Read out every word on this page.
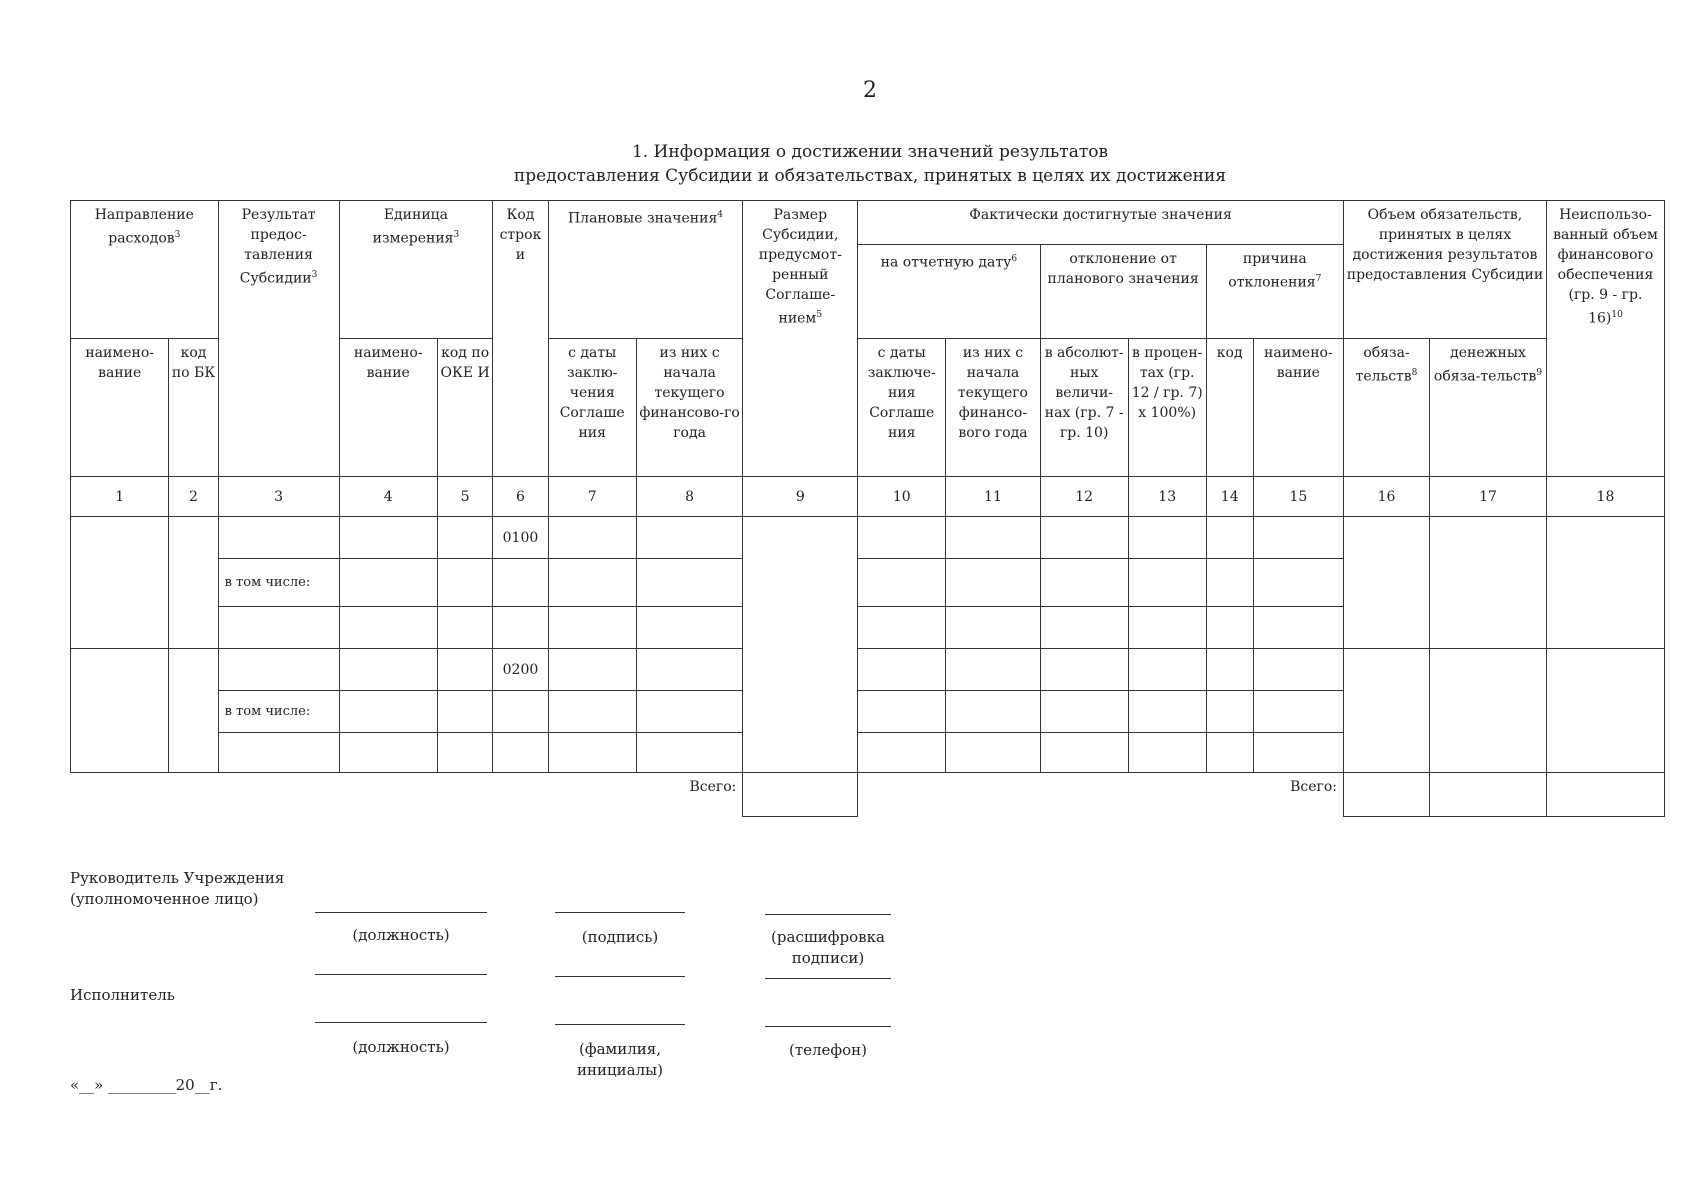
2
1. Информация о достижении значений результатов
предоставления Субсидии и обязательствах, принятых в целях их достижения
Направление расходов$^3$		Результат предос-тавления Субсидии$^3$	Единица измерения$^3$		Код строк и	Плановые значения$^4$		Размер Субсидии, предусмот-ренный Соглаше-нием$^5$	Фактически достигнутые значения						Объем обязательств, принятых в целях достижения результатов предоставления Субсидии		Неиспользо-ванный объем финансового обеспечения (гр. 9 - гр. 16)$^{10}$
									на отчетную дату$^6$		отклонение от планового значения		причина отклонения$^7$
наимено-вание	код по БК		наимено-вание	код по ОКЕ И		с даты заклю-чения Соглаше ния	из них с начала текущего финансово-го года		с даты заключе-ния Соглаше ния	из них с начала текущего финансо-вого года	в абсолют-ных величи-нах (гр. 7 - гр. 10)	в процен-тах (гр. 12 / гр. 7) x 100%)	код	наимено-вание	обяза-тельств$^8$	денежных обяза-тельств$^9$
1	2	3	4	5	6	7	8	9	10	11	12	13	14	15	16	17	18
					0100												
		в том числе:															

					0200												
		в том числе:															

							Всего:							Всего:			
Руководитель Учреждения
(уполномоченное лицо)
(должность)	(подпись)	(расшифровка подписи)
Исполнитель
(должность)	(фамилия, инициалы)
(телефон)
«__» _________20__г.
